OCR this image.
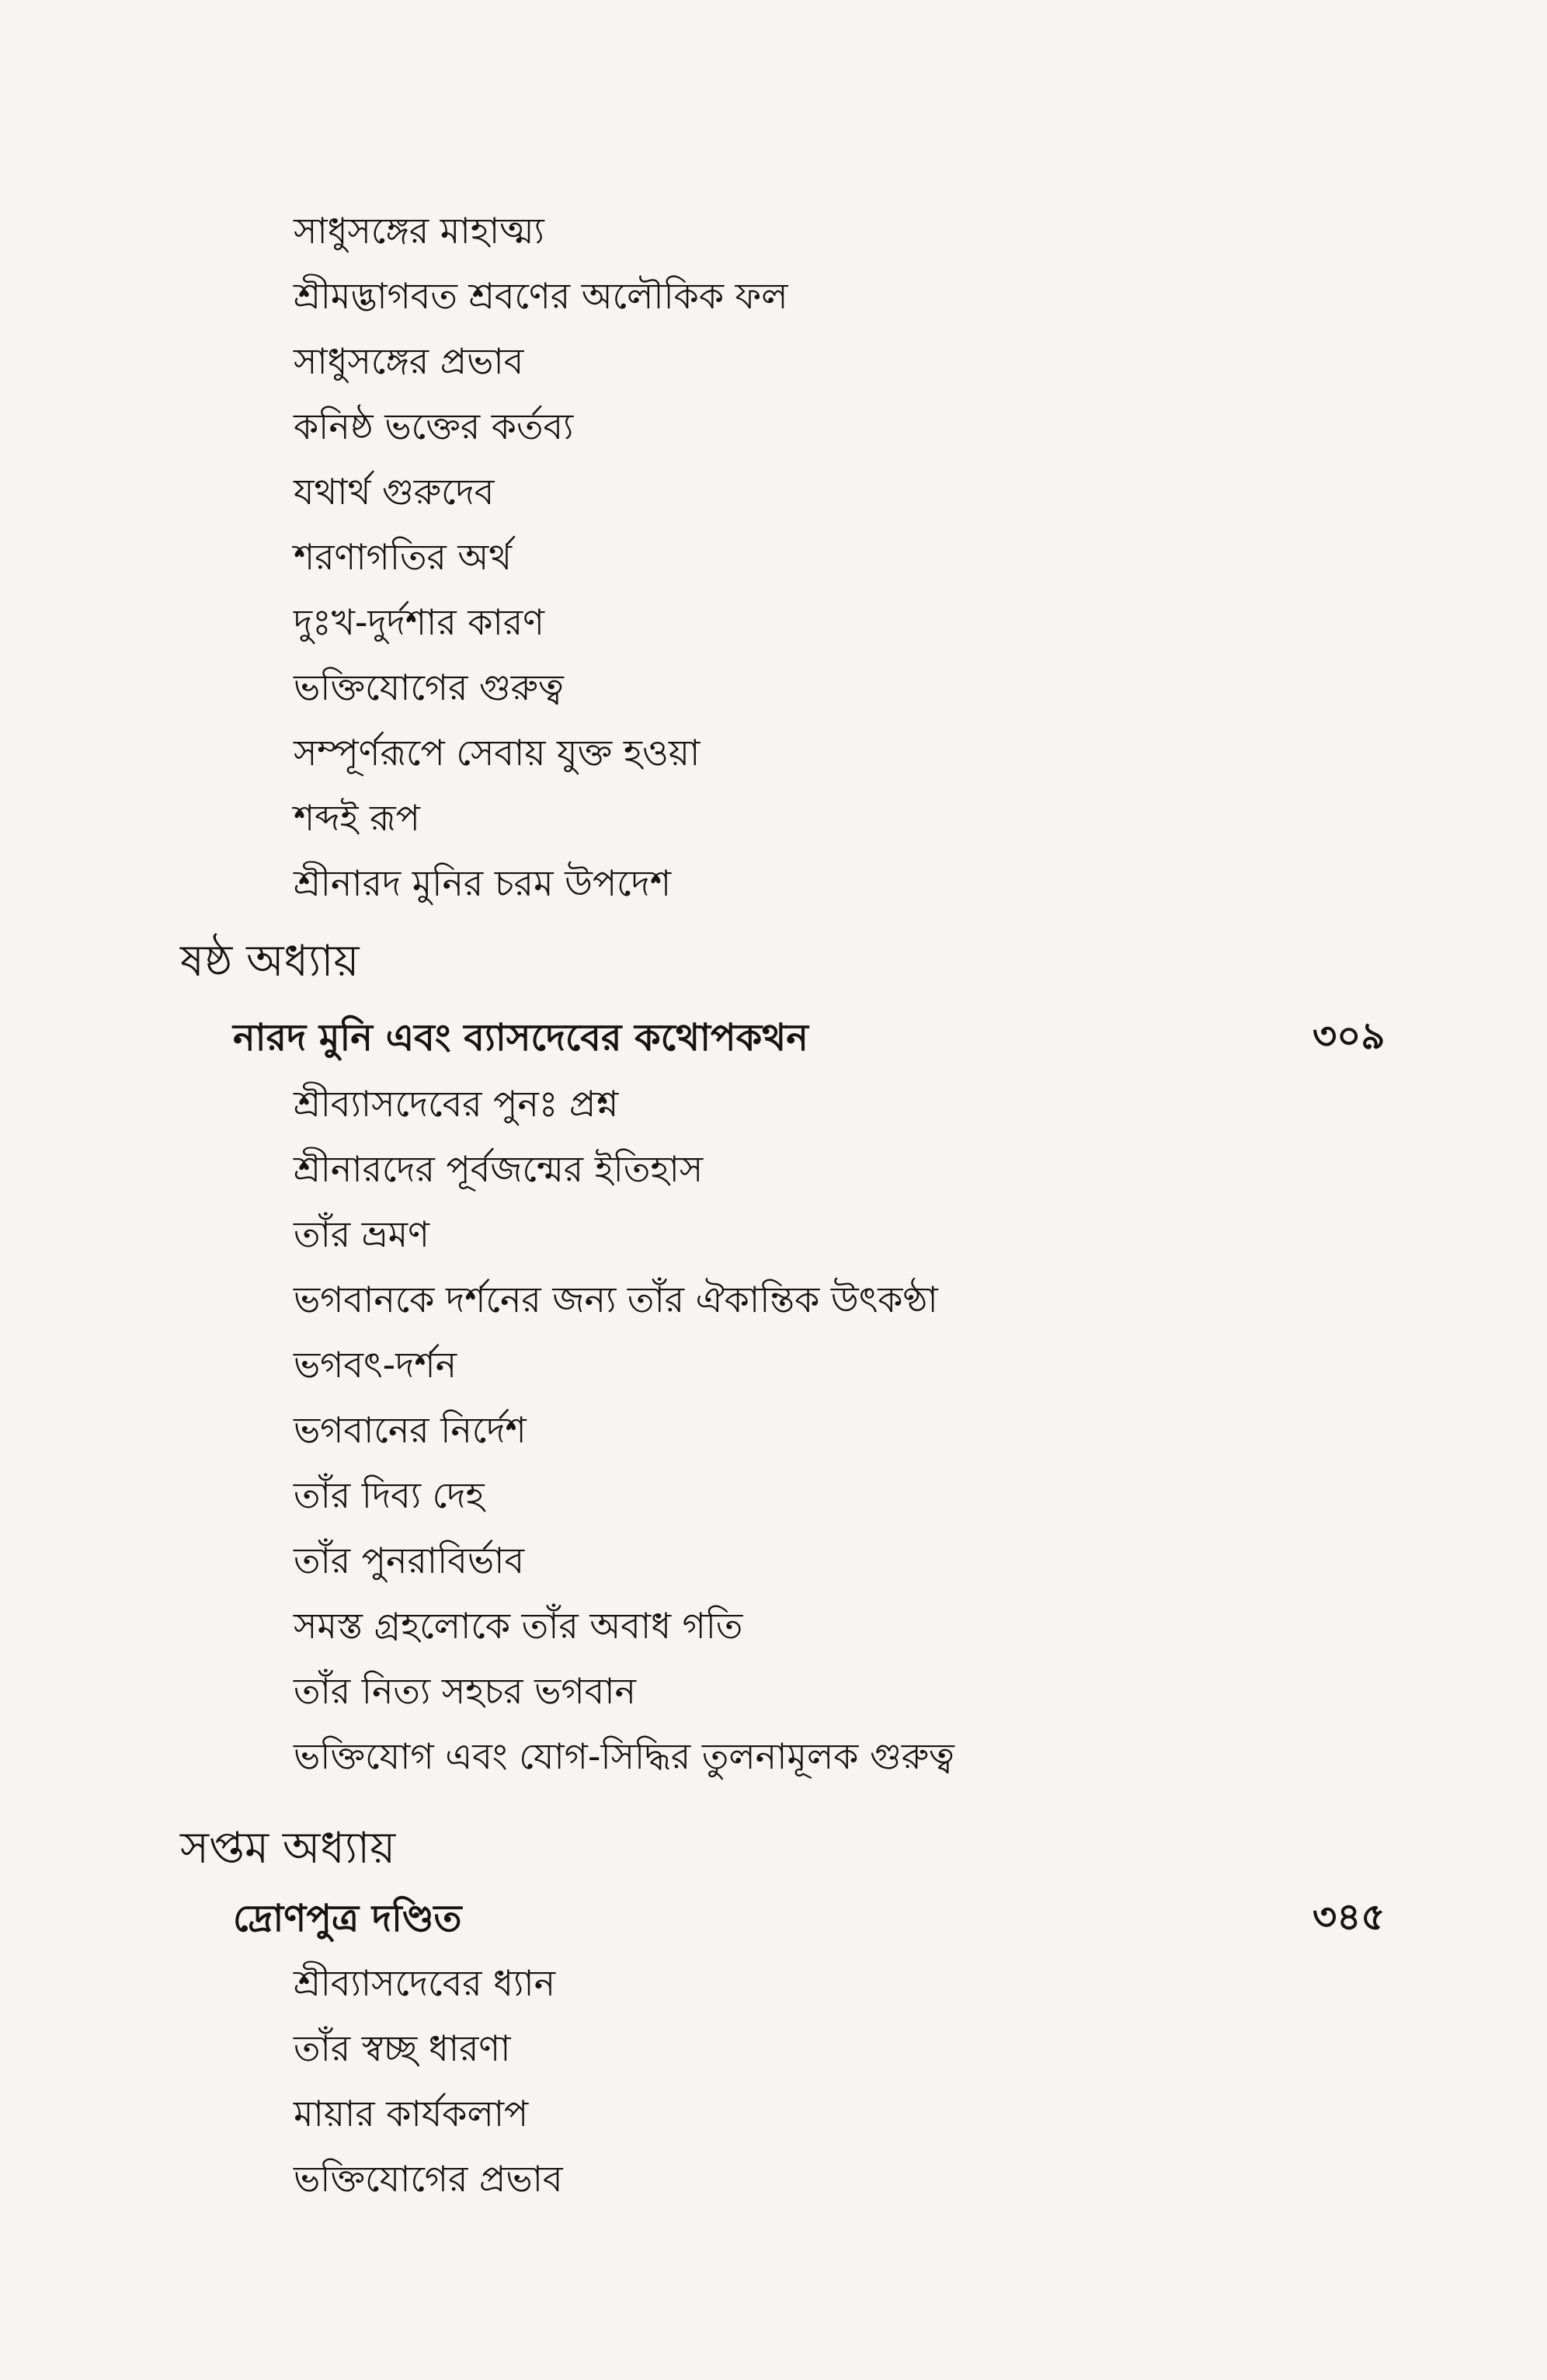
সাধুসঙ্গের মাহাত্ম্য
শ্রীমদ্ভাগবত শ্রবণের অলৌকিক ফল
সাধুসঙ্গের প্রভাব
কনিষ্ঠ ভক্তের কর্তব্য
যথার্থ গুরুদেব
শরণাগতির অর্থ
দুঃখ-দুর্দশার কারণ
ভক্তিযোগের গুরুত্ব
সম্পূর্ণরূপে সেবায় যুক্ত হওয়া
শব্দই রূপ
শ্রীনারদ মুনির চরম উপদেশ
ষষ্ঠ অধ্যায়
নারদ মুনি এবং ব্যাসদেবের কথোপকথন	৩০৯
শ্রীব্যাসদেবের পুনঃ প্রশ্ন
শ্রীনারদের পূর্বজন্মের ইতিহাস
তাঁর ভ্রমণ
ভগবানকে দর্শনের জন্য তাঁর ঐকান্তিক উৎকণ্ঠা
ভগবৎ-দর্শন
ভগবানের নির্দেশ
তাঁর দিব্য দেহ
তাঁর পুনরাবির্ভাব
সমস্ত গ্রহলোকে তাঁর অবাধ গতি
তাঁর নিত্য সহচর ভগবান
ভক্তিযোগ এবং যোগ-সিদ্ধির তুলনামূলক গুরুত্ব
সপ্তম অধ্যায়
দ্রোণপুত্র দণ্ডিত	৩৪৫
শ্রীব্যাসদেবের ধ্যান
তাঁর স্বচ্ছ ধারণা
মায়ার কার্যকলাপ
ভক্তিযোগের প্রভাব
